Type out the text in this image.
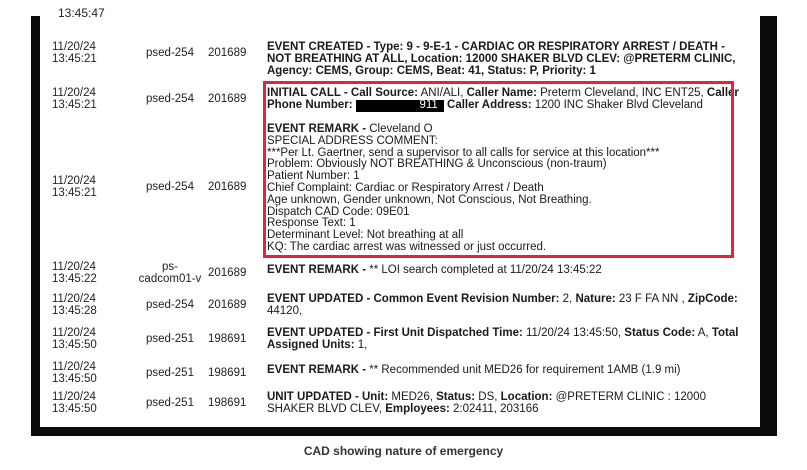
13:45:47
11/20/24
13:45:21	psed-254	201689	EVENT CREATED - Type: 9 - 9-E-1 - CARDIAC OR RESPIRATORY ARREST / DEATH - NOT BREATHING AT ALL, Location: 12000 SHAKER BLVD CLEV: @PRETERM CLINIC, Agency: CEMS, Group: CEMS, Beat: 41, Status: P, Priority: 1
11/20/24
13:45:21	psed-254	201689	INITIAL CALL - Call Source: ANI/ALI, Caller Name: Preterm Cleveland, INC ENT25, Caller
Phone Number:	911 Caller Address: 1200 INC Shaker Blvd Cleveland
11/20/24
13:45:21	psed-254	201689
EVENT REMARK - Cleveland O
SPECIAL ADDRESS COMMENT:
***Per Lt. Gaertner, send a supervisor to all calls for service at this location***
Problem: Obviously NOT BREATHING & Unconscious (non-traum)
Patient Number: 1
Chief Complaint: Cardiac or Respiratory Arrest / Death
Age unknown, Gender unknown, Not Conscious, Not Breathing.
Dispatch CAD Code: 09E01
Response Text: 1
Determinant Level: Not breathing at all
KQ: The cardiac arrest was witnessed or just occurred.
11/20/24
13:45:22
ps-
cadcom01-v 201689	EVENT REMARK - ** LOI search completed at 11/20/24 13:45:22
11/20/24
13:45:28	psed-254	201689	EVENT UPDATED - Common Event Revision Number: 2, Nature: 23 F FA NN , ZipCode: 44120,
11/20/24
13:45:50	psed-251	198691	EVENT UPDATED - First Unit Dispatched Time: 11/20/24 13:45:50, Status Code: A, Total Assigned Units: 1,
11/20/24
13:45:50	psed-251	198691	EVENT REMARK - ** Recommended unit MED26 for requirement 1AMB (1.9 mi)
11/20/24
13:45:50	psed-251	198691	UNIT UPDATED - Unit: MED26, Status: DS, Location: @PRETERM CLINIC : 12000 SHAKER BLVD CLEV, Employees: 2:02411, 203166
CAD showing nature of emergency
